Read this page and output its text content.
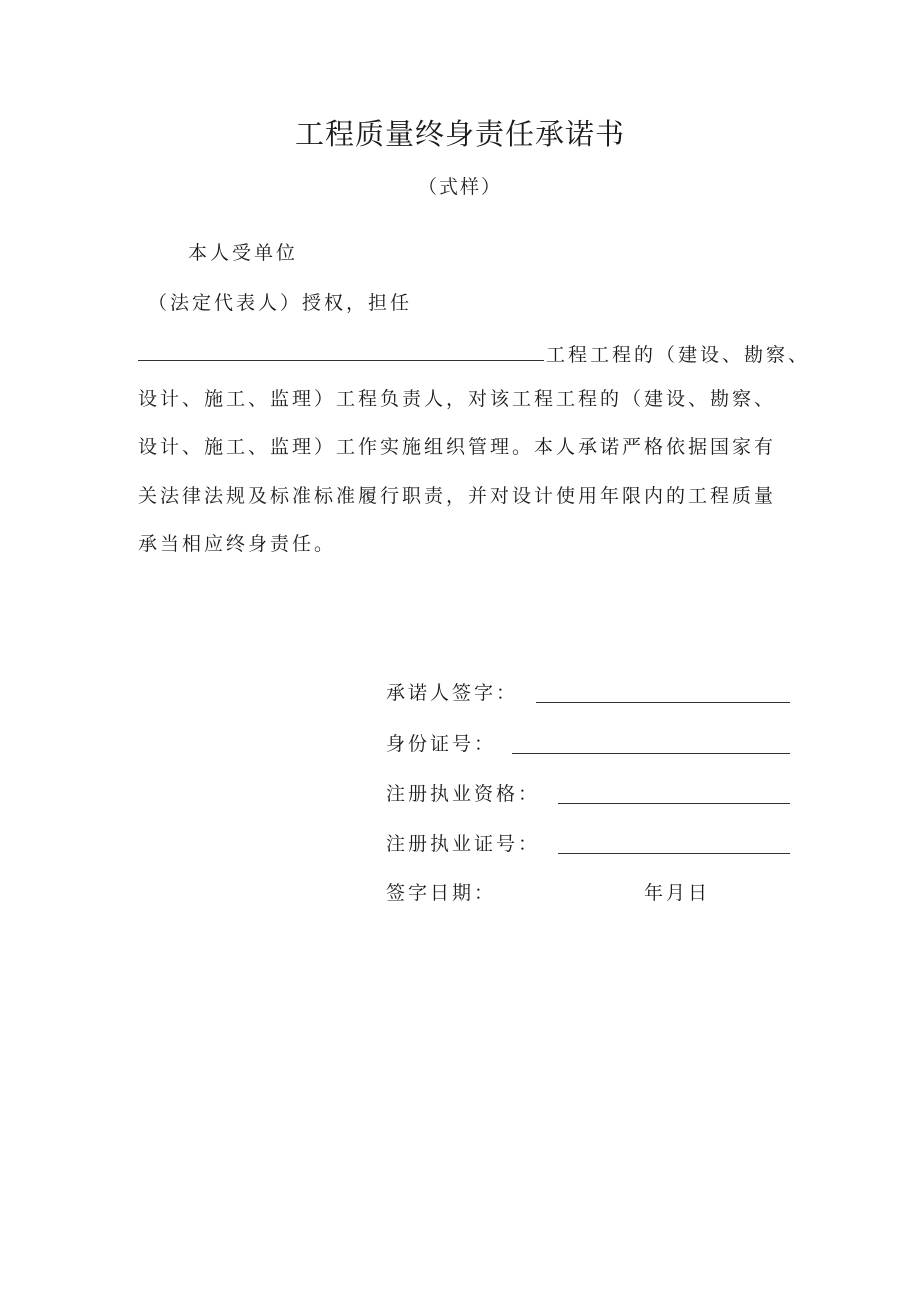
工程质量终身责任承诺书
（式样）
本人受单位
（法定代表人）授权，担任
工程工程的（建设、勘察、
设计、施工、监理）工程负责人，对该工程工程的（建设、勘察、
设计、施工、监理）工作实施组织管理。本人承诺严格依据国家有
关法律法规及标准标准履行职责，并对设计使用年限内的工程质量
承当相应终身责任。
承诺人签字：
身份证号：
注册执业资格：
注册执业证号：
签字日期：	年月日
